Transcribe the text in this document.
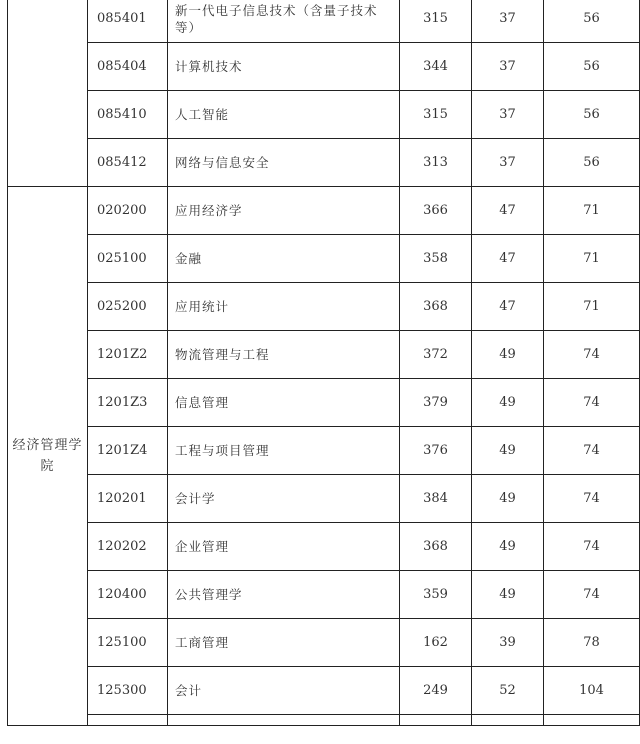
	085401	新一代电子信息技术（含量子技术等）	315	37	56
	085404	计算机技术	344	37	56
	085410	人工智能	315	37	56
	085412	网络与信息安全	313	37	56
经济管理学院	020200	应用经济学	366	47	71
	025100	金融	358	47	71
	025200	应用统计	368	47	71
	1201Z2	物流管理与工程	372	49	74
	1201Z3	信息管理	379	49	74
	1201Z4	工程与项目管理	376	49	74
	120201	会计学	384	49	74
	120202	企业管理	368	49	74
	120400	公共管理学	359	49	74
	125100	工商管理	162	39	78
	125300	会计	249	52	104
